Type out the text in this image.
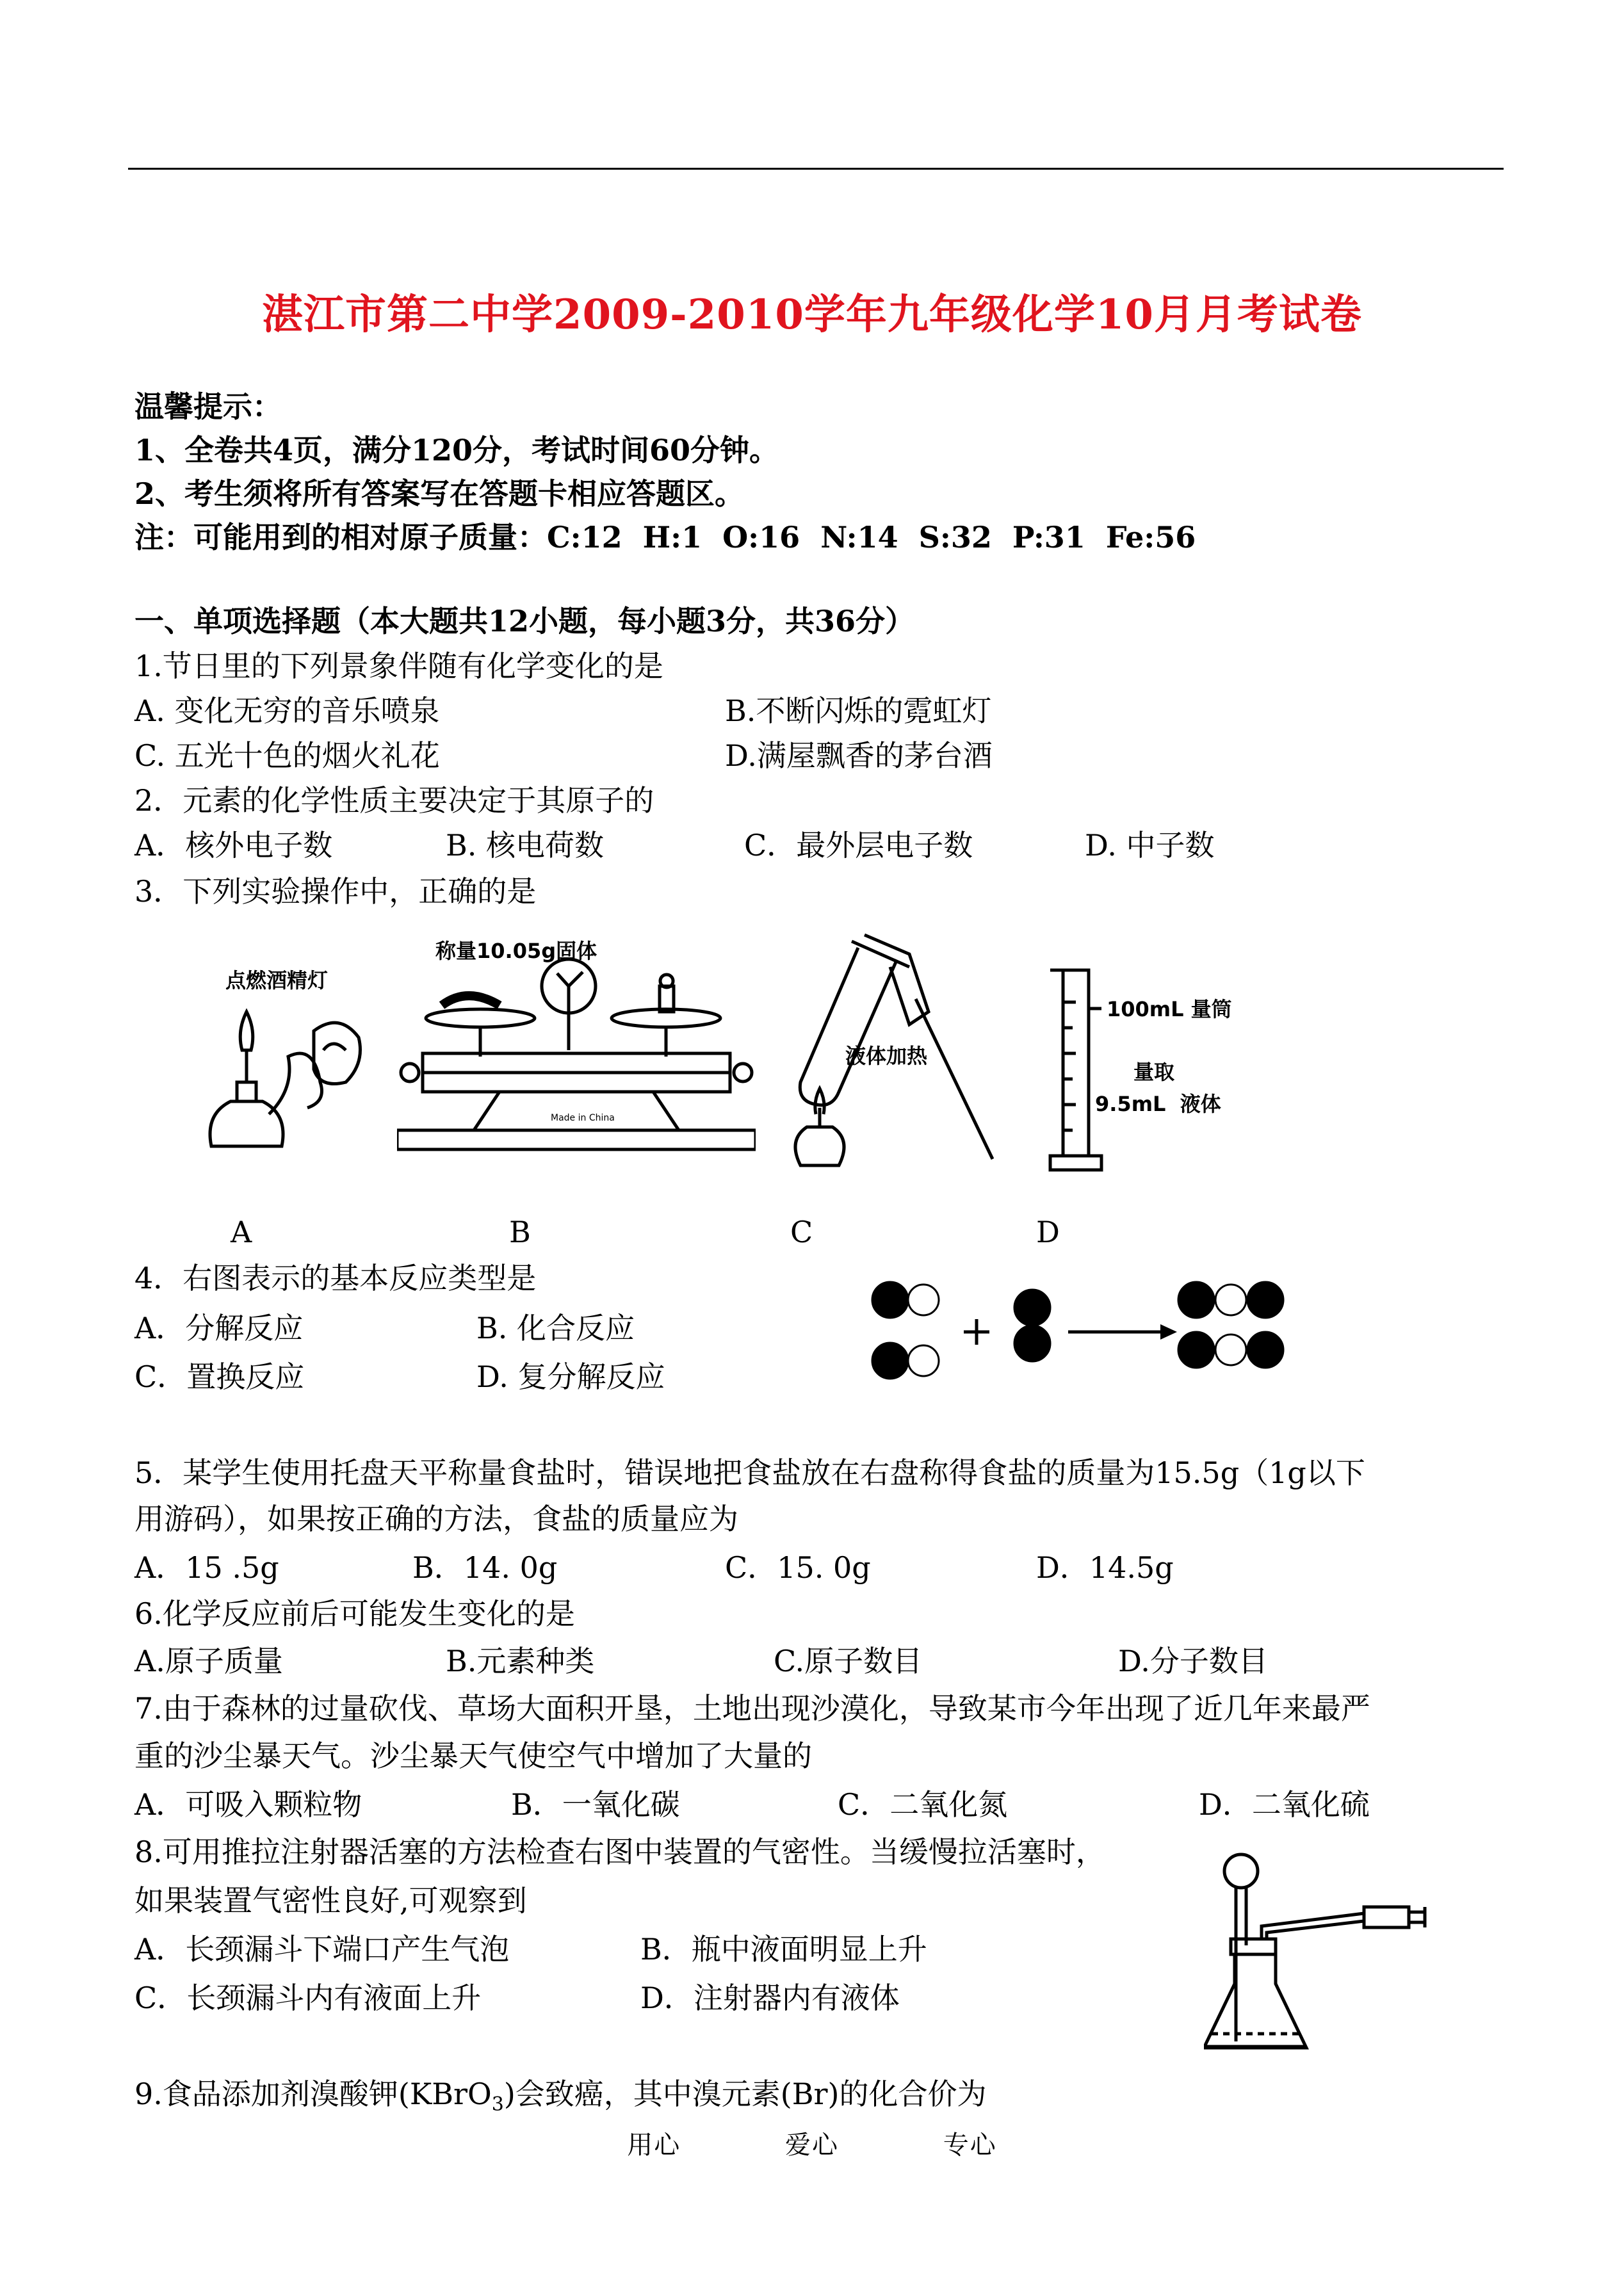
湛江市第二中学2009-2010学年九年级化学10月月考试卷
温馨提示：
1、全卷共4页，满分120分，考试时间60分钟。
2、考生须将所有答案写在答题卡相应答题区。
注：可能用到的相对原子质量：C:12  H:1  O:16  N:14  S:32  P:31  Fe:56
一、单项选择题（本大题共12小题，每小题3分，共36分）
1.节日里的下列景象伴随有化学变化的是
A. 变化无穷的音乐喷泉	B.不断闪烁的霓虹灯
C. 五光十色的烟火礼花	D.满屋飘香的茅台酒
2．元素的化学性质主要决定于其原子的
A．核外电子数	B. 核电荷数	C．最外层电子数	D. 中子数
3．下列实验操作中，正确的是
点燃酒精灯
称量10.05g固体
Made in China
液体加热
100mL 量筒
量取
9.5mL  液体
A	B	C	D
4．右图表示的基本反应类型是
A．分解反应	B. 化合反应
C．置换反应	D. 复分解反应
5．某学生使用托盘天平称量食盐时，错误地把食盐放在右盘称得食盐的质量为15.5g（1g以下
用游码），如果按正确的方法，食盐的质量应为
A．15 .5g	B．14. 0g	C．15. 0g	D．14.5g
6.化学反应前后可能发生变化的是
A.原子质量	B.元素种类	C.原子数目	D.分子数目
7.由于森林的过量砍伐、草场大面积开垦，土地出现沙漠化，导致某市今年出现了近几年来最严
重的沙尘暴天气。沙尘暴天气使空气中增加了大量的
A．可吸入颗粒物	B．一氧化碳	C．二氧化氮	D．二氧化硫
8.可用推拉注射器活塞的方法检查右图中装置的气密性。当缓慢拉活塞时，
如果装置气密性良好,可观察到
A．长颈漏斗下端口产生气泡	B．瓶中液面明显上升
C．长颈漏斗内有液面上升	D．注射器内有液体
9.食品添加剂溴酸钾(KBrO$_3$)会致癌，其中溴元素(Br)的化合价为
用心	爱心	专心
